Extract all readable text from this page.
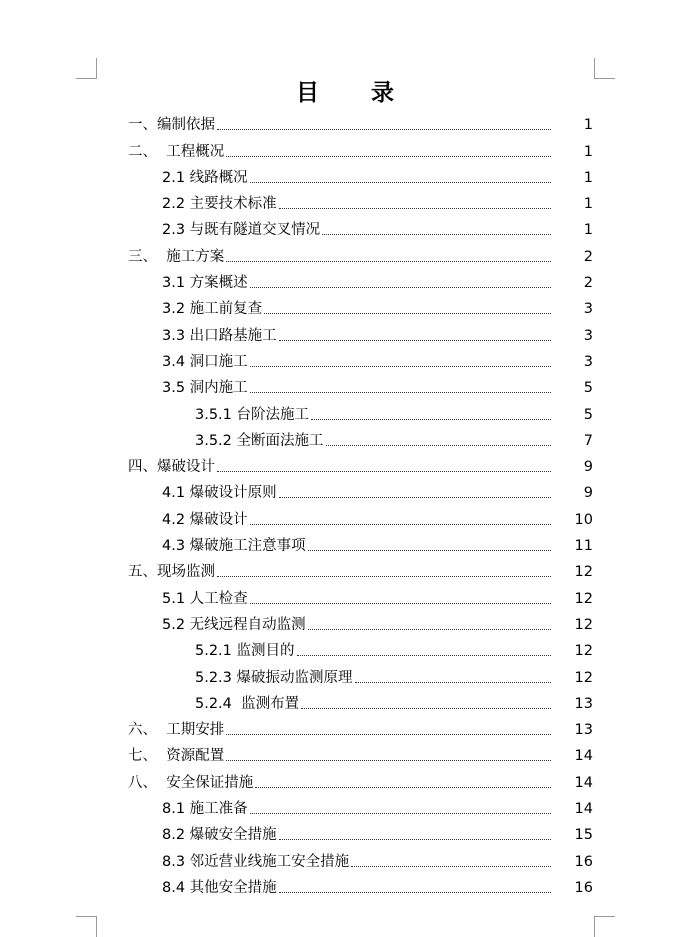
目 录
一、编制依据	1
二、  工程概况	1
2.1 线路概况	1
2.2 主要技术标准	1
2.3 与既有隧道交叉情况	1
三、  施工方案	2
3.1 方案概述	2
3.2 施工前复查	3
3.3 出口路基施工	3
3.4 洞口施工	3
3.5 洞内施工	5
3.5.1 台阶法施工	5
3.5.2 全断面法施工	7
四、爆破设计	9
4.1 爆破设计原则	9
4.2 爆破设计	10
4.3 爆破施工注意事项	11
五、现场监测	12
5.1 人工检查	12
5.2 无线远程自动监测	12
5.2.1 监测目的	12
5.2.3 爆破振动监测原理	12
5.2.4  监测布置	13
六、  工期安排	13
七、  资源配置	14
八、  安全保证措施	14
8.1 施工准备	14
8.2 爆破安全措施	15
8.3 邻近营业线施工安全措施	16
8.4 其他安全措施	16
